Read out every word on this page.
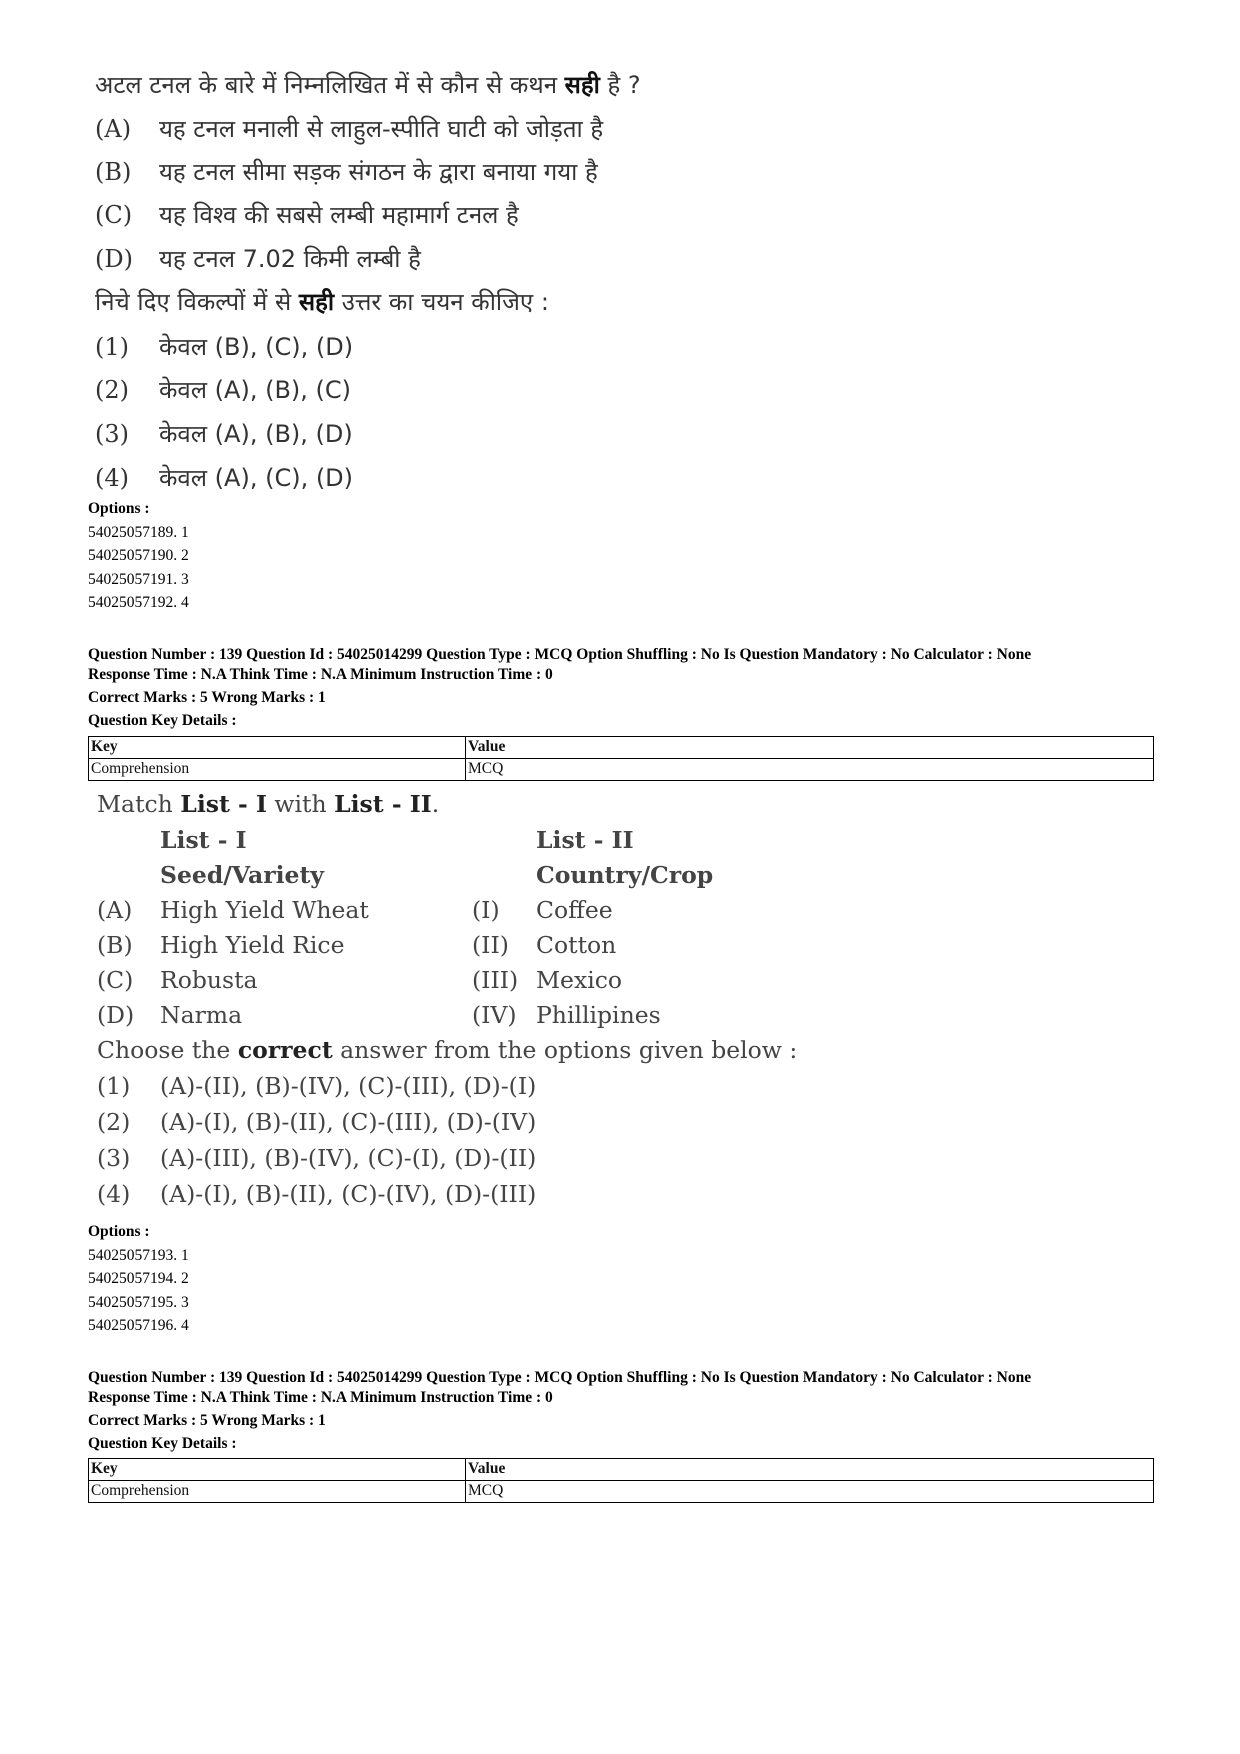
अटल टनल के बारे में निम्नलिखित में से कौन से कथन सही है ?
(A) यह टनल मनाली से लाहुल-स्पीति घाटी को जोड़ता है
(B) यह टनल सीमा सड़क संगठन के द्वारा बनाया गया है
(C) यह विश्व की सबसे लम्बी महामार्ग टनल है
(D) यह टनल 7.02 किमी लम्बी है
निचे दिए विकल्पों में से सही उत्तर का चयन कीजिए :
(1) केवल (B), (C), (D)
(2) केवल (A), (B), (C)
(3) केवल (A), (B), (D)
(4) केवल (A), (C), (D)
Options :
54025057189. 1
54025057190. 2
54025057191. 3
54025057192. 4
Question Number : 139 Question Id : 54025014299 Question Type : MCQ Option Shuffling : No Is Question Mandatory : No Calculator : None
Response Time : N.A Think Time : N.A Minimum Instruction Time : 0
Correct Marks : 5 Wrong Marks : 1
Question Key Details :
Key	Value
Comprehension	MCQ
Match List - I with List - II.
List - I	List - II
Seed/Variety	Country/Crop
(A) High Yield Wheat	(I) Coffee
(B) High Yield Rice	(II) Cotton
(C) Robusta	(III) Mexico
(D) Narma	(IV) Phillipines
Choose the correct answer from the options given below :
(1) (A)-(II), (B)-(IV), (C)-(III), (D)-(I)
(2) (A)-(I), (B)-(II), (C)-(III), (D)-(IV)
(3) (A)-(III), (B)-(IV), (C)-(I), (D)-(II)
(4) (A)-(I), (B)-(II), (C)-(IV), (D)-(III)
Options :
54025057193. 1
54025057194. 2
54025057195. 3
54025057196. 4
Question Number : 139 Question Id : 54025014299 Question Type : MCQ Option Shuffling : No Is Question Mandatory : No Calculator : None
Response Time : N.A Think Time : N.A Minimum Instruction Time : 0
Correct Marks : 5 Wrong Marks : 1
Question Key Details :
Key	Value
Comprehension	MCQ
